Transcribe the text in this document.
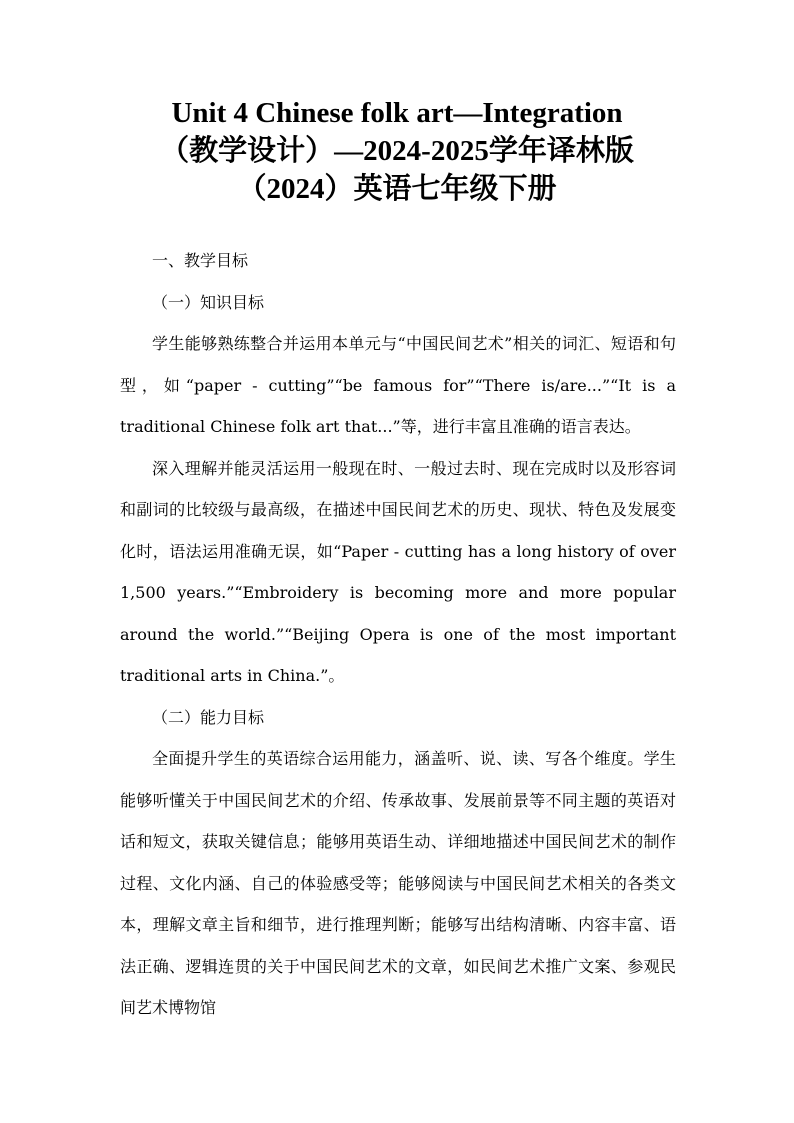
Unit 4 Chinese folk art—Integration
（教学设计）—2024-2025学年译林版
（2024）英语七年级下册

一、教学目标

（一）知识目标

学生能够熟练整合并运用本单元与“中国民间艺术”相关的词汇、短语和句型，如“paper - cutting”“be famous for”“There is/are...”“It is a traditional Chinese folk art that...”等，进行丰富且准确的语言表达。

深入理解并能灵活运用一般现在时、一般过去时、现在完成时以及形容词和副词的比较级与最高级，在描述中国民间艺术的历史、现状、特色及发展变化时，语法运用准确无误，如“Paper - cutting has a long history of over 1,500 years.”“Embroidery is becoming more and more popular around the world.”“Beijing Opera is one of the most important traditional arts in China.”。

（二）能力目标

全面提升学生的英语综合运用能力，涵盖听、说、读、写各个维度。学生能够听懂关于中国民间艺术的介绍、传承故事、发展前景等不同主题的英语对话和短文，获取关键信息；能够用英语生动、详细地描述中国民间艺术的制作过程、文化内涵、自己的体验感受等；能够阅读与中国民间艺术相关的各类文本，理解文章主旨和细节，进行推理判断；能够写出结构清晰、内容丰富、语法正确、逻辑连贯的关于中国民间艺术的文章，如民间艺术推广文案、参观民间艺术博物馆
